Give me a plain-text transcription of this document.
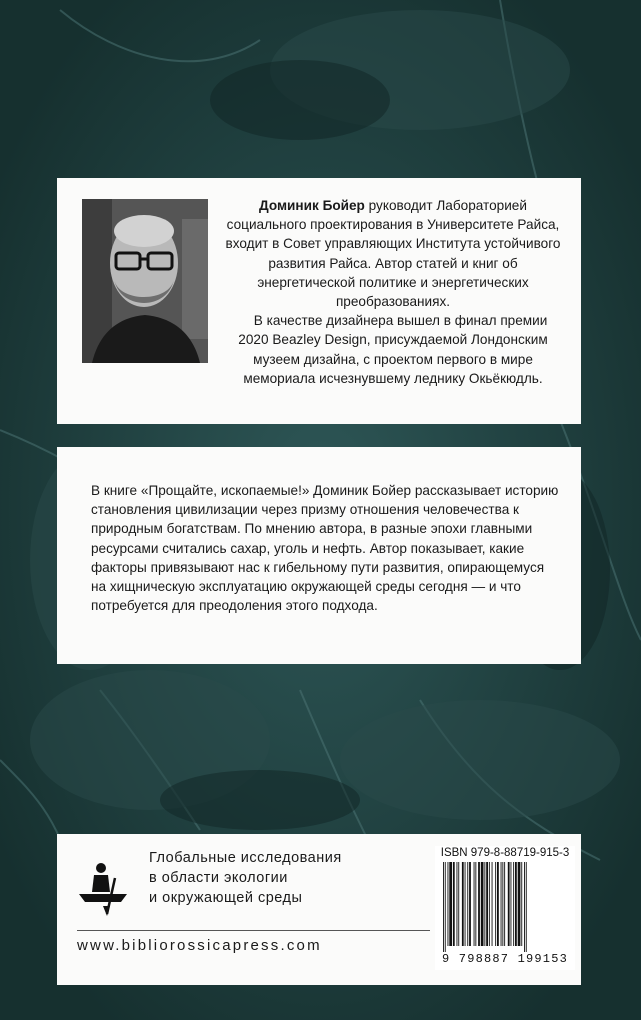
Доминик Бойер руководит Лабораторией социального проектирования в Университете Райса, входит в Совет управляющих Института устойчивого развития Райса. Автор статей и книг об энергетической политике и энергетических преобразованиях.

В качестве дизайнера вышел в финал премии 2020 Beazley Design, присуждаемой Лондонским музеем дизайна, с проектом первого в мире мемориала исчезнувшему леднику Окьёкюдль.

В книге «Прощайте, ископаемые!» Доминик Бойер рассказывает историю становления цивилизации через призму отношения человечества к природным богатствам. По мнению автора, в разные эпохи главными ресурсами считались сахар, уголь и нефть. Автор показывает, какие факторы привязывают нас к гибельному пути развития, опирающемуся на хищническую эксплуатацию окружающей среды сегодня — и что потребуется для преодоления этого подхода.
Глобальные исследования
в области экологии
и окружающей среды
www.bibliorossicapress.com
ISBN 979-8-88719-915-3
9 798887 199153
